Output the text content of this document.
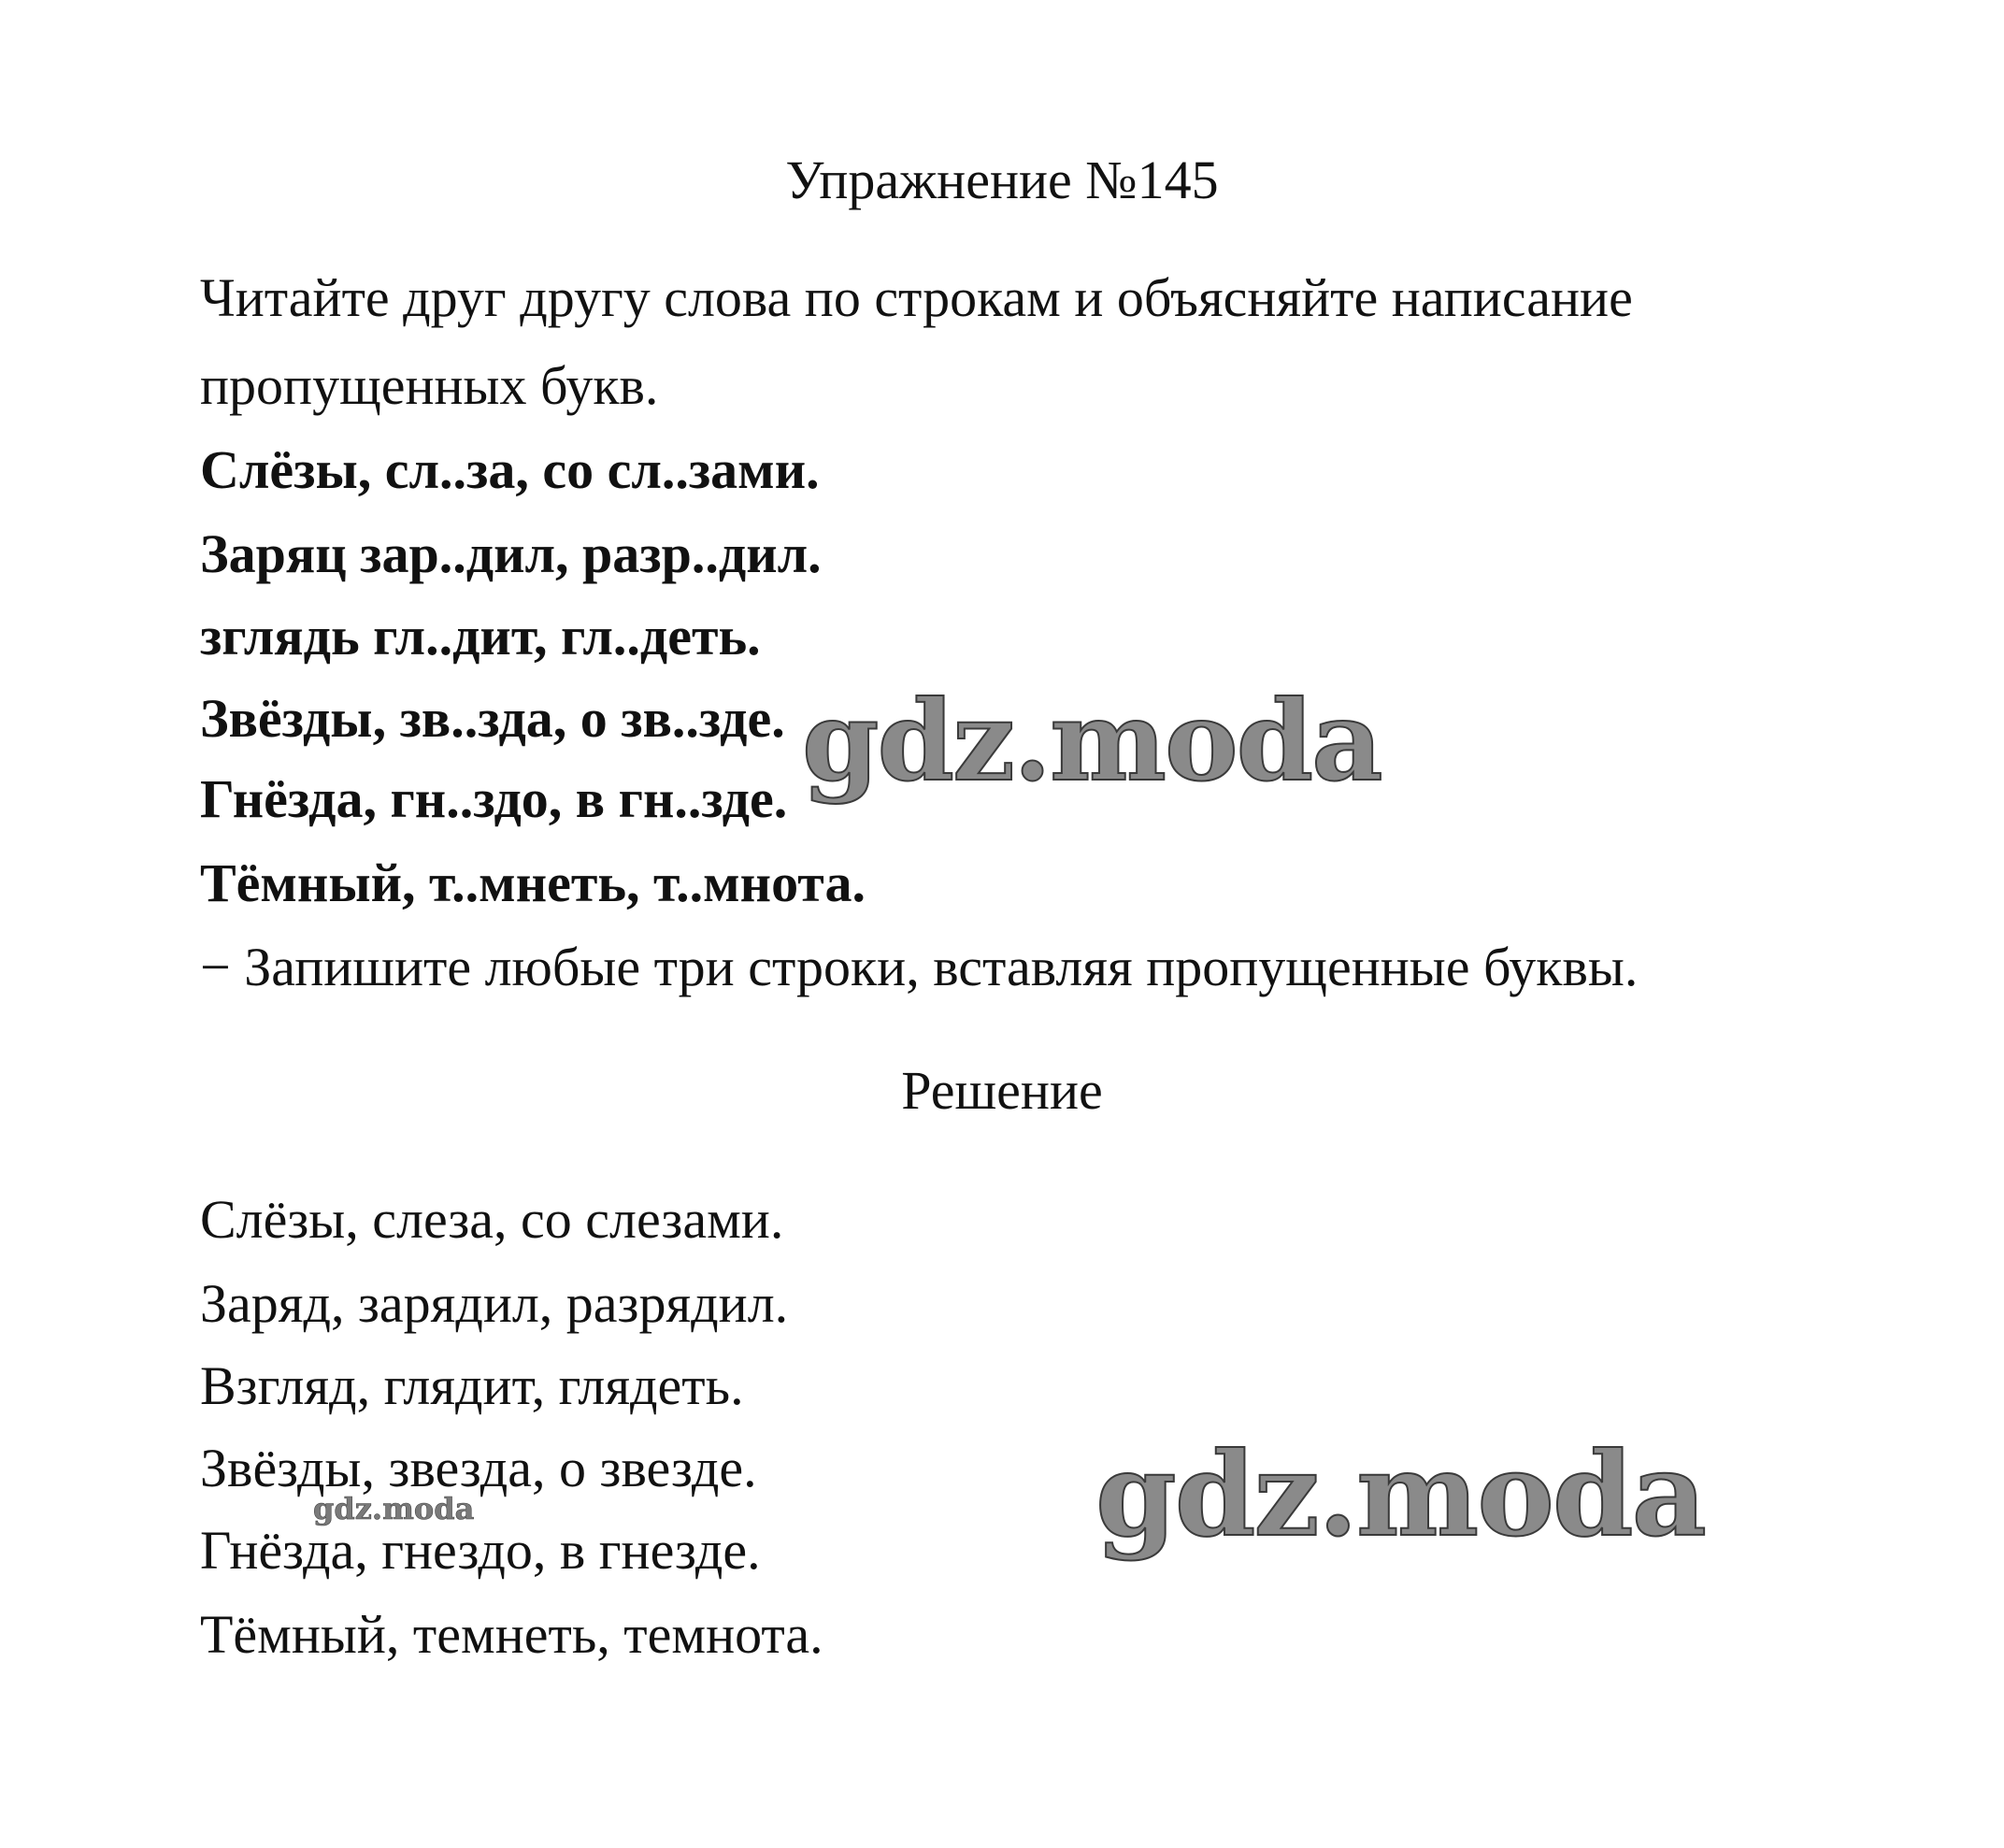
Упражнение №145
Читайте друг другу слова по строкам и объясняйте написание
пропущенных букв.
Слёзы, сл..за, со сл..зами.
Заряц зар..дил, разр..дил.
зглядь гл..дит, гл..деть.
Звёзды, зв..зда, о зв..зде.
Гнёзда, гн..здо, в гн..зде.
Тёмный, т..мнеть, т..мнота.
− Запишите любые три строки, вставляя пропущенные буквы.
Решение
Слёзы, слеза, со слезами.
Заряд, зарядил, разрядил.
Взгляд, глядит, глядеть.
Звёзды, звезда, о звезде.
Гнёзда, гнездо, в гнезде.
Тёмный, темнеть, темнота.
gdz.moda
gdz.moda
gdz.moda
